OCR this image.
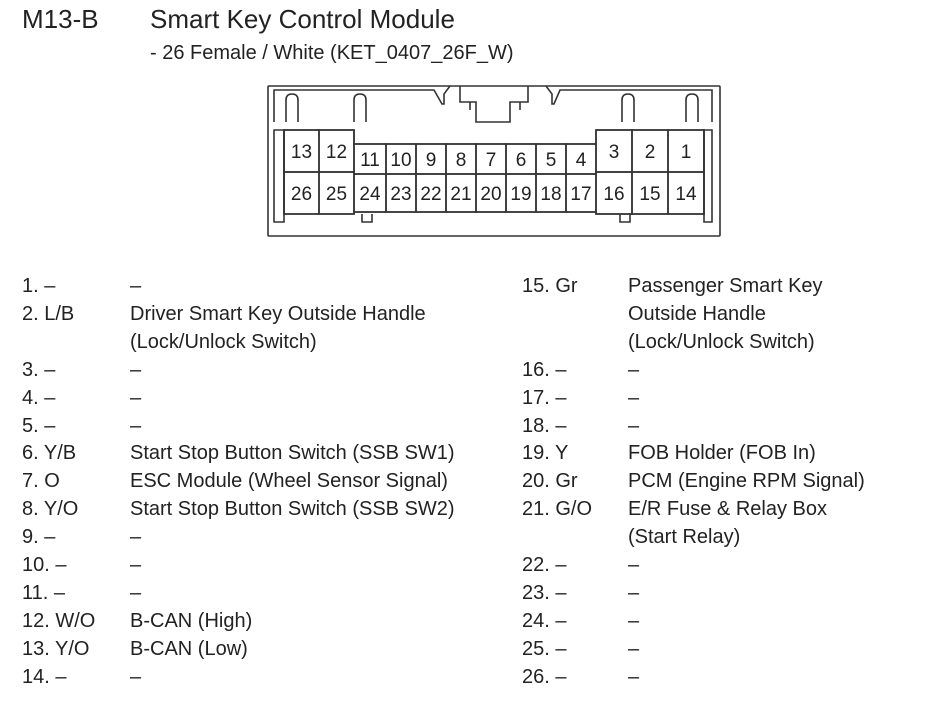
M13-B Smart Key Control Module
- 26 Female / White (KET_0407_26F_W)
13 12 11 10 9 8 7 6 5 4 3 2 1
26 25 24 23 22 21 20 19 18 17 16 15 14
1. –	–
2. L/B	Driver Smart Key Outside Handle
(Lock/Unlock Switch)
3. –	–
4. –	–
5. –	–
6. Y/B	Start Stop Button Switch (SSB SW1)
7. O	ESC Module (Wheel Sensor Signal)
8. Y/O	Start Stop Button Switch (SSB SW2)
9. –	–
10. –	–
11. –	–
12. W/O	B-CAN (High)
13. Y/O	B-CAN (Low)
14. –	–
15. Gr	Passenger Smart Key
Outside Handle
(Lock/Unlock Switch)
16. –	–
17. –	–
18. –	–
19. Y	FOB Holder (FOB In)
20. Gr	PCM (Engine RPM Signal)
21. G/O	E/R Fuse & Relay Box
(Start Relay)
22. –	–
23. –	–
24. –	–
25. –	–
26. –	–
